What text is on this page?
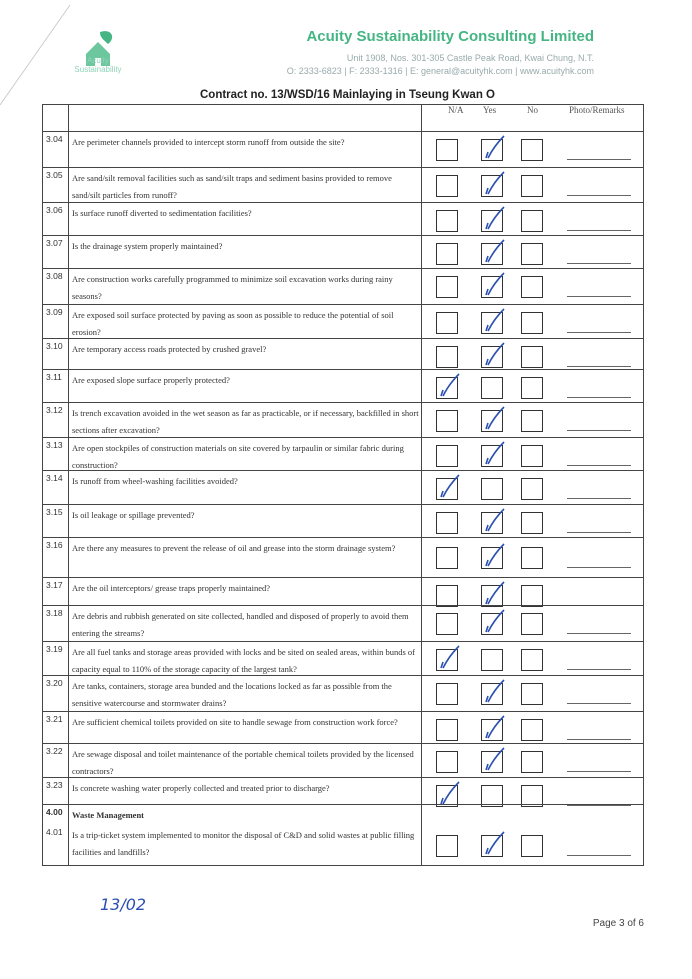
Acuity Sustainability
Acuity Sustainability Consulting Limited
Unit 1908, Nos. 301-305 Castle Peak Road, Kwai Chung, N.T.
O: 2333-6823 | F: 2333-1316 | E: general@acuityhk.com | www.acuityhk.com
Contract no. 13/WSD/16 Mainlaying in Tseung Kwan O
N/A Yes	No	Photo/Remarks
3.04 Are perimeter channels provided to intercept storm runoff from outside the site?
3.05 Are sand/silt removal facilities such as sand/silt traps and sediment basins provided to remove sand/silt particles from runoff?
3.06 Is surface runoff diverted to sedimentation facilities?
3.07 Is the drainage system properly maintained?
3.08 Are construction works carefully programmed to minimize soil excavation works during rainy seasons?
3.09 Are exposed soil surface protected by paving as soon as possible to reduce the potential of soil erosion?
3.10 Are temporary access roads protected by crushed gravel?
3.11 Are exposed slope surface properly protected?
3.12 Is trench excavation avoided in the wet season as far as practicable, or if necessary, backfilled in short sections after excavation?
3.13 Are open stockpiles of construction materials on site covered by tarpaulin or similar fabric during construction?
3.14 Is runoff from wheel-washing facilities avoided?
3.15 Is oil leakage or spillage prevented?
3.16 Are there any measures to prevent the release of oil and grease into the storm drainage system?
3.17 Are the oil interceptors/ grease traps properly maintained?
3.18 Are debris and rubbish generated on site collected, handled and disposed of properly to avoid them entering the streams?
3.19 Are all fuel tanks and storage areas provided with locks and be sited on sealed areas, within bunds of capacity equal to 110% of the storage capacity of the largest tank?
3.20 Are tanks, containers, storage area bunded and the locations locked as far as possible from the sensitive watercourse and stormwater drains?
3.21 Are sufficient chemical toilets provided on site to handle sewage from construction work force?
3.22 Are sewage disposal and toilet maintenance of the portable chemical toilets provided by the licensed contractors?
3.23 Is concrete washing water properly collected and treated prior to discharge?
4.00 Waste Management
4.01 Is a trip-ticket system implemented to monitor the disposal of C&D and solid wastes at public filling facilities and landfills?
13/02
Page 3 of 6
